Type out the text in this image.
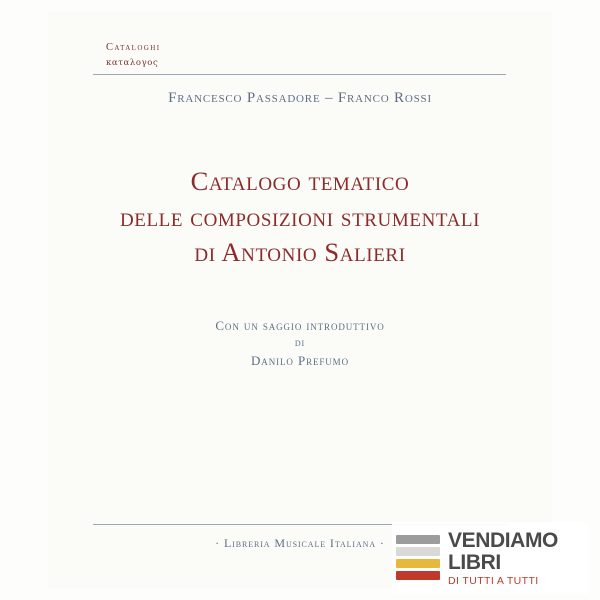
Cataloghi
καταλογος
Francesco Passadore – Franco Rossi
Catalogo tematico
delle composizioni strumentali
di Antonio Salieri
Con un saggio introduttivo
di
Danilo Prefumo
· Libreria Musicale Italiana ·	VENDIAMO
LIBRI
DI TUTTI A TUTTI
